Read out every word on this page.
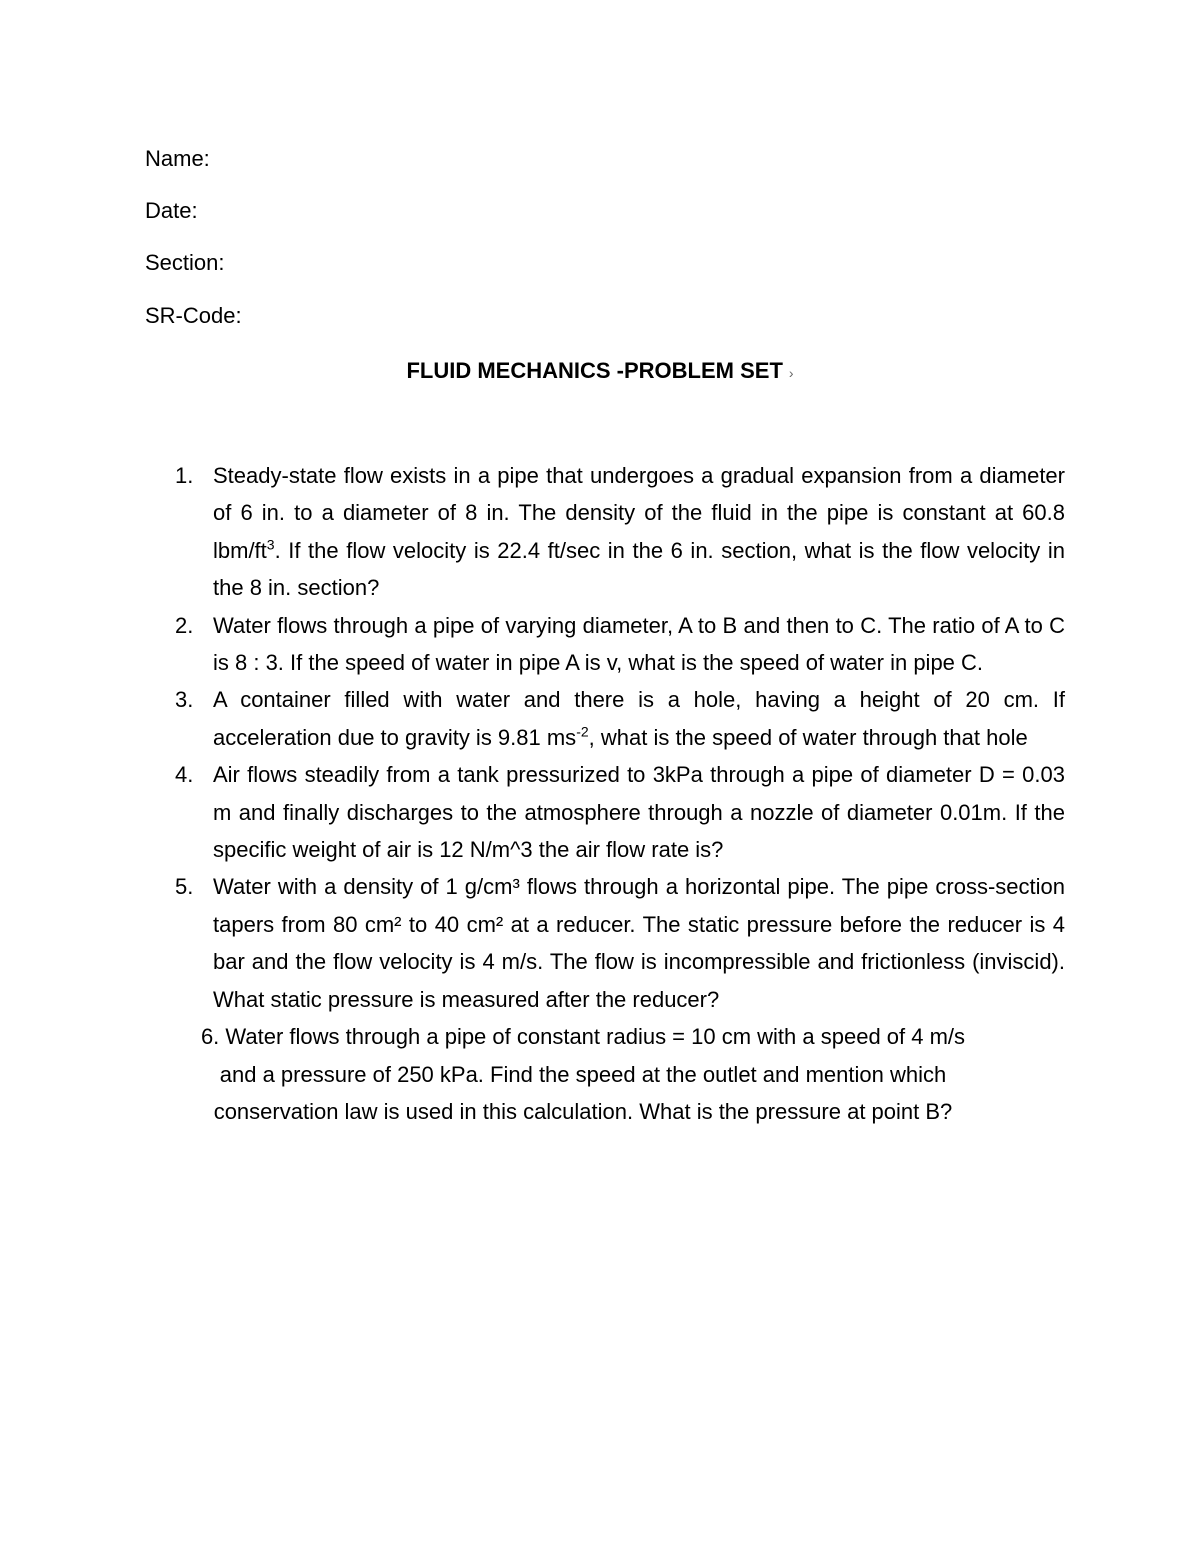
Name:
Date:
Section:
SR-Code:
FLUID MECHANICS -PROBLEM SET ›
1. Steady-state flow exists in a pipe that undergoes a gradual expansion from a diameter of 6 in. to a diameter of 8 in. The density of the fluid in the pipe is constant at 60.8 lbm/$ft^3$. If the flow velocity is 22.4 ft/sec in the 6 in. section, what is the flow velocity in the 8 in. section?
2. Water flows through a pipe of varying diameter, A to B and then to C. The ratio of A to C is 8 : 3. If the speed of water in pipe A is v, what is the speed of water in pipe C.
3. A container filled with water and there is a hole, having a height of 20 cm. If acceleration due to gravity is 9.81 $ms^{-2}$, what is the speed of water through that hole
4. Air flows steadily from a tank pressurized to 3kPa through a pipe of diameter D = 0.03 m and finally discharges to the atmosphere through a nozzle of diameter 0.01m. If the specific weight of air is 12 N/m^3 the air flow rate is?
5. Water with a density of 1 g/cm³ flows through a horizontal pipe. The pipe cross-section tapers from 80 cm² to 40 cm² at a reducer. The static pressure before the reducer is 4 bar and the flow velocity is 4 m/s. The flow is incompressible and frictionless (inviscid). What static pressure is measured after the reducer?
6. Water flows through a pipe of constant radius = 10 cm with a speed of 4 m/s
and a pressure of 250 kPa. Find the speed at the outlet and mention which
conservation law is used in this calculation. What is the pressure at point B?
